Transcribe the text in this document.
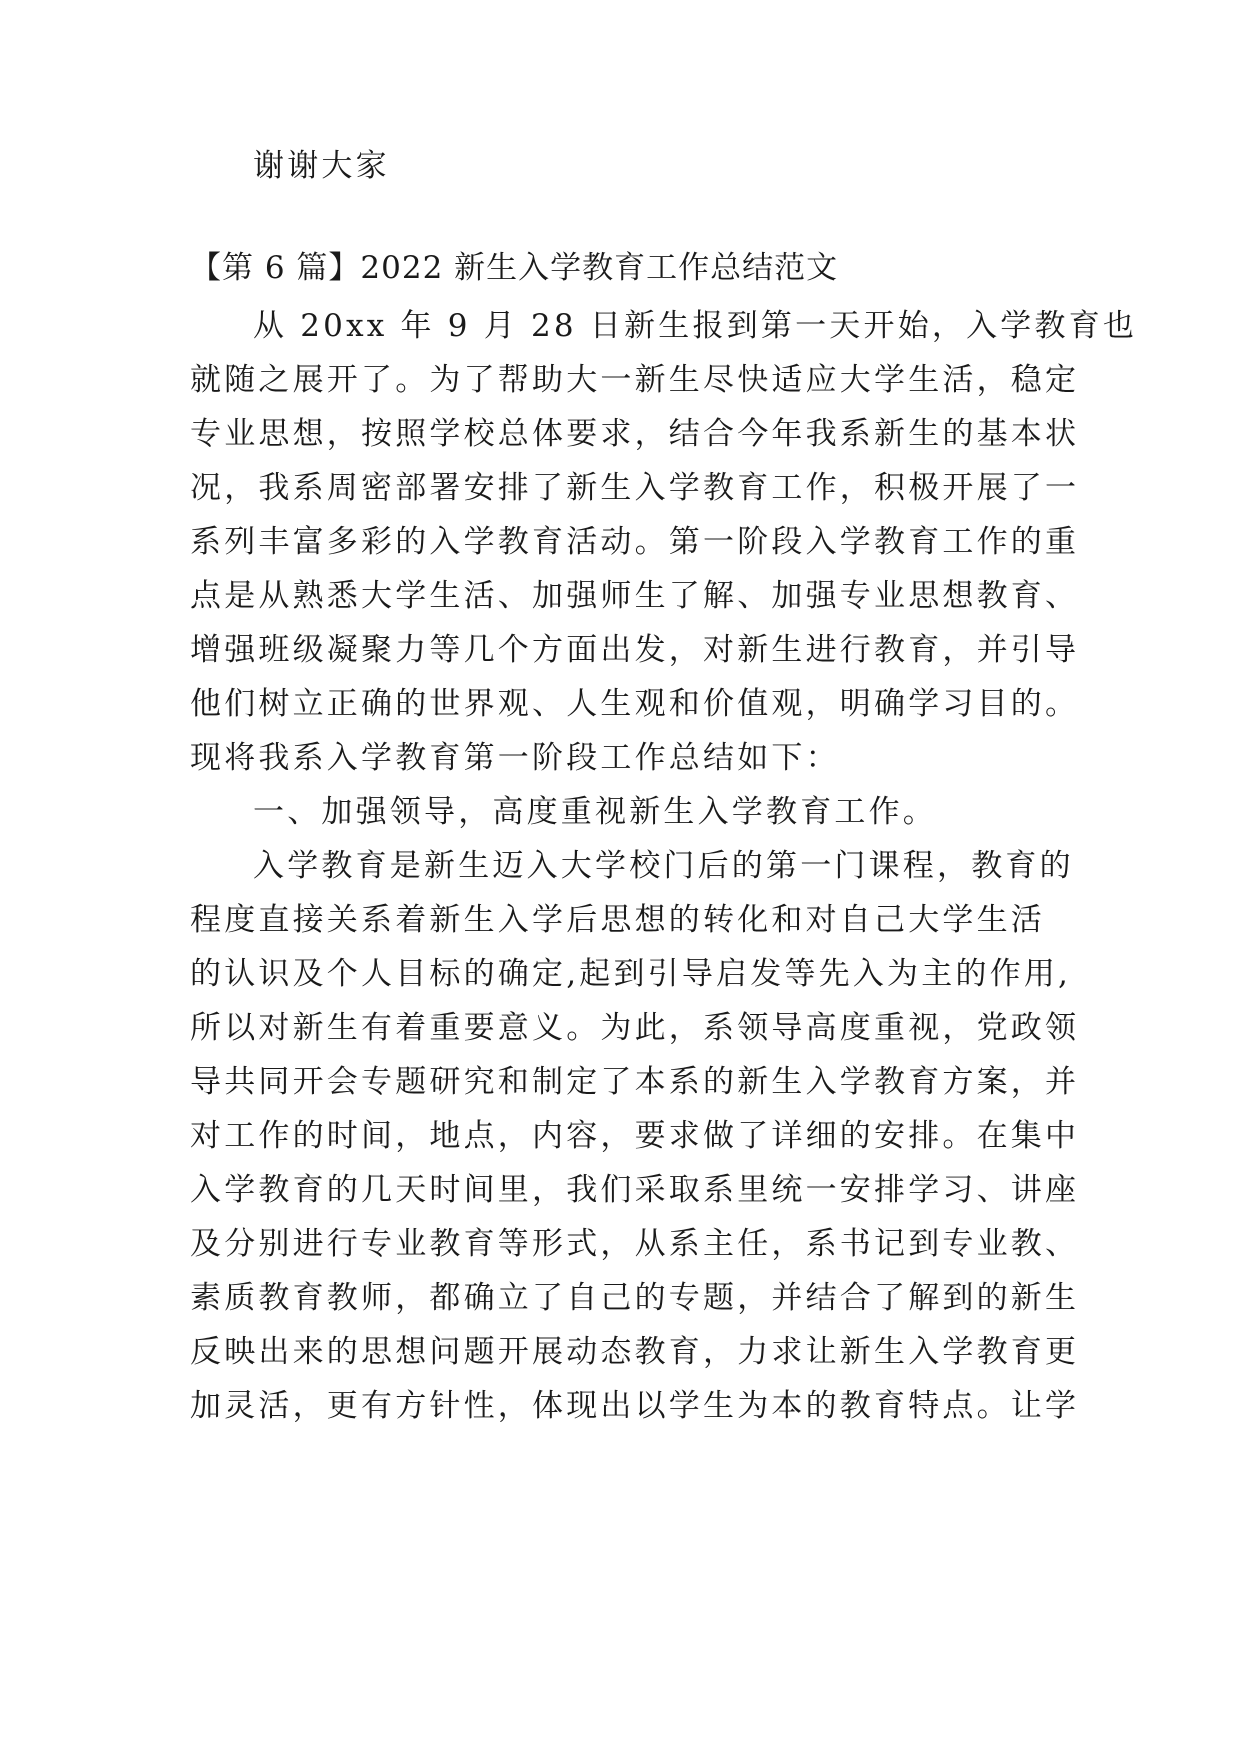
谢谢大家
【第 6 篇】2022 新生入学教育工作总结范文
从 20xx 年 9 月 28 日新生报到第一天开始，入学教育也
就随之展开了。为了帮助大一新生尽快适应大学生活，稳定
专业思想，按照学校总体要求，结合今年我系新生的基本状
况，我系周密部署安排了新生入学教育工作，积极开展了一
系列丰富多彩的入学教育活动。第一阶段入学教育工作的重
点是从熟悉大学生活、加强师生了解、加强专业思想教育、
增强班级凝聚力等几个方面出发，对新生进行教育，并引导
他们树立正确的世界观、人生观和价值观，明确学习目的。
现将我系入学教育第一阶段工作总结如下：
一、加强领导，高度重视新生入学教育工作。
入学教育是新生迈入大学校门后的第一门课程，教育的
程度直接关系着新生入学后思想的转化和对自己大学生活
的认识及个人目标的确定,起到引导启发等先入为主的作用,
所以对新生有着重要意义。为此，系领导高度重视，党政领
导共同开会专题研究和制定了本系的新生入学教育方案，并
对工作的时间，地点，内容，要求做了详细的安排。在集中
入学教育的几天时间里，我们采取系里统一安排学习、讲座
及分别进行专业教育等形式，从系主任，系书记到专业教、
素质教育教师，都确立了自己的专题，并结合了解到的新生
反映出来的思想问题开展动态教育，力求让新生入学教育更
加灵活，更有方针性，体现出以学生为本的教育特点。让学
